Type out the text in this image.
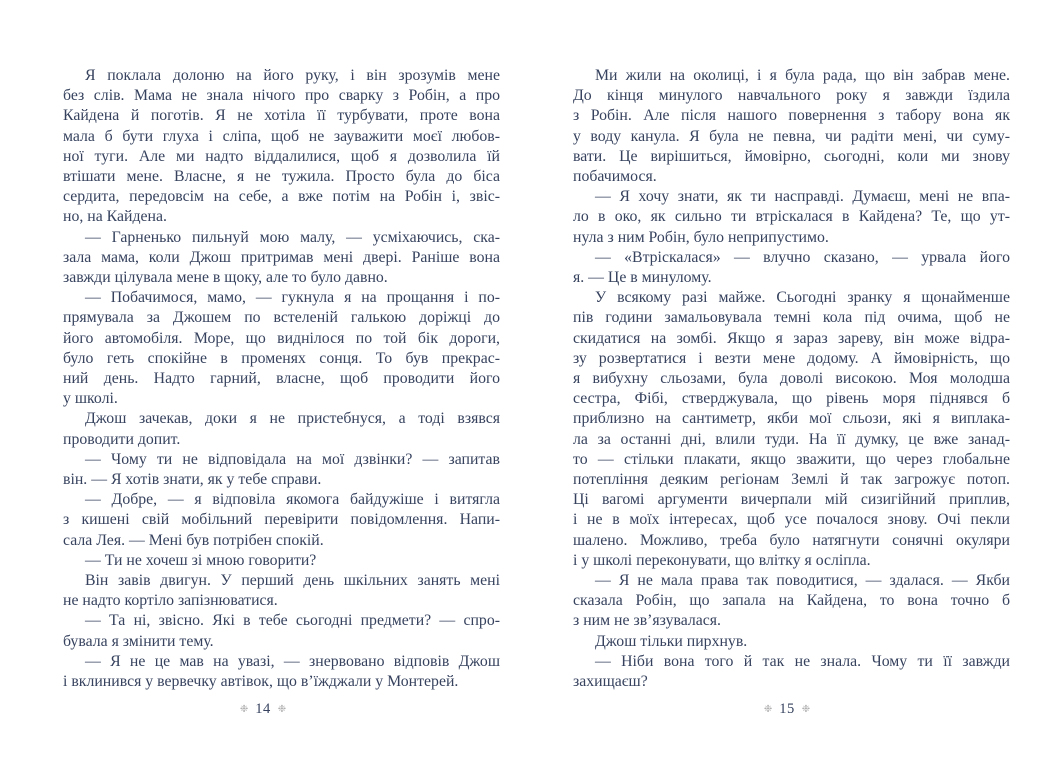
Я поклала долоню на його руку, і він зрозумів мене
без слів. Мама не знала нічого про сварку з Робін, а про
Кайдена й поготів. Я не хотіла її турбувати, проте вона
мала б бути глуха і сліпа, щоб не зауважити моєї любов-
ної туги. Але ми надто віддалилися, щоб я дозволила їй
втішати мене. Власне, я не тужила. Просто була до біса
сердита, передовсім на себе, а вже потім на Робін і, звіс-
но, на Кайдена.
— Гарненько пильнуй мою малу, — усміхаючись, ска-
зала мама, коли Джош притримав мені двері. Раніше вона
завжди цілувала мене в щоку, але то було давно.
— Побачимося, мамо, — гукнула я на прощання і по-
прямувала за Джошем по встеленій галькою доріжці до
його автомобіля. Море, що виднілося по той бік дороги,
було геть спокійне в променях сонця. То був прекрас-
ний день. Надто гарний, власне, щоб проводити його
у школі.
Джош зачекав, доки я не пристебнуся, а тоді взявся
проводити допит.
— Чому ти не відповідала на мої дзвінки? — запитав
він. — Я хотів знати, як у тебе справи.
— Добре, — я відповіла якомога байдужіше і витягла
з кишені свій мобільний перевірити повідомлення. Напи-
сала Лея. — Мені був потрібен спокій.
— Ти не хочеш зі мною говорити?
Він завів двигун. У перший день шкільних занять мені
не надто кортіло запізнюватися.
— Та ні, звісно. Які в тебе сьогодні предмети? — спро-
бувала я змінити тему.
— Я не це мав на увазі, — знервовано відповів Джош
і вклинився у вервечку автівок, що в’їжджали у Монтерей.
Ми жили на околиці, і я була рада, що він забрав мене.
До кінця минулого навчального року я завжди їздила
з Робін. Але після нашого повернення з табору вона як
у воду канула. Я була не певна, чи радіти мені, чи суму-
вати. Це вирішиться, ймовірно, сьогодні, коли ми знову
побачимося.
— Я хочу знати, як ти насправді. Думаєш, мені не впа-
ло в око, як сильно ти втріскалася в Кайдена? Те, що ут-
нула з ним Робін, було неприпустимо.
— «Втріскалася» — влучно сказано, — урвала його
я. — Це в минулому.
У всякому разі майже. Сьогодні зранку я щонайменше
пів години замальовувала темні кола під очима, щоб не
скидатися на зомбі. Якщо я зараз зареву, він може відра-
зу розвертатися і везти мене додому. А ймовірність, що
я вибухну сльозами, була доволі високою. Моя молодша
сестра, Фібі, стверджувала, що рівень моря піднявся б
приблизно на сантиметр, якби мої сльози, які я виплака-
ла за останні дні, влили туди. На її думку, це вже занад-
то — стільки плакати, якщо зважити, що через глобальне
потепління деяким регіонам Землі й так загрожує потоп.
Ці вагомі аргументи вичерпали мій сизигійний приплив,
і не в моїх інтересах, щоб усе почалося знову. Очі пекли
шалено. Можливо, треба було натягнути сонячні окуляри
і у школі переконувати, що влітку я осліпла.
— Я не мала права так поводитися, — здалася. — Якби
сказала Робін, що запала на Кайдена, то вона точно б
з ним не зв’язувалася.
Джош тільки пирхнув.
— Ніби вона того й так не знала. Чому ти її завжди
захищаєш?
❉ 14 ❉	❉ 15 ❉
